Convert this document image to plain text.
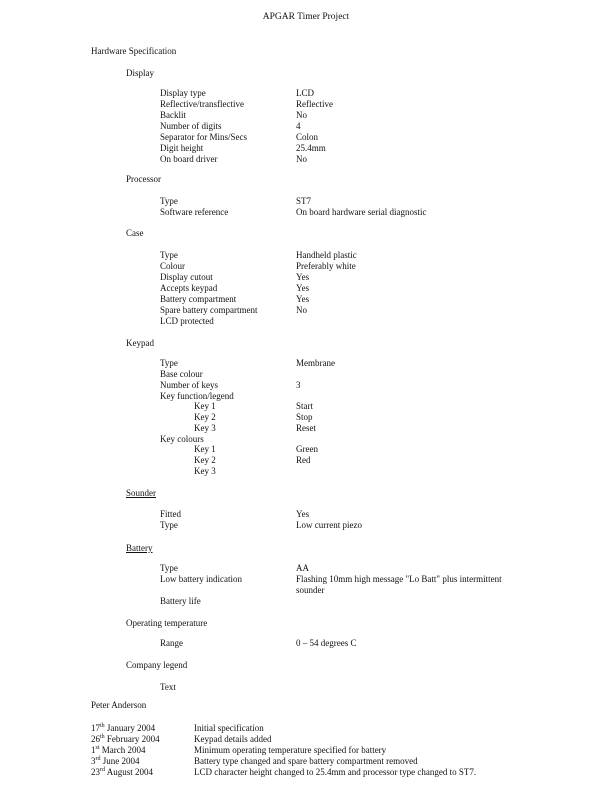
APGAR Timer Project
Hardware Specification
Display
Display type	LCD
Reflective/transflective	Reflective
Backlit	No
Number of digits	4
Separator for Mins/Secs	Colon
Digit height	25.4mm
On board driver	No
Processor
Type	ST7
Software reference	On board hardware serial diagnostic
Case
Type	Handheld plastic
Colour	Preferably white
Display cutout	Yes
Accepts keypad	Yes
Battery compartment	Yes
Spare battery compartment	No
LCD protected
Keypad
Type	Membrane
Base colour
Number of keys	3
Key function/legend
Key 1	Start
Key 2	Stop
Key 3	Reset
Key colours
Key 1	Green
Key 2	Red
Key 3
Sounder
Fitted	Yes
Type	Low current piezo
Battery
Type	AA
Low battery indication	Flashing 10mm high message "Lo Batt" plus intermittent
sounder
Battery life
Operating temperature
Range	0 – 54 degrees C
Company legend
Text
Peter Anderson
17th January 2004	Initial specification
26th February 2004	Keypad details added
1st March 2004	Minimum operating temperature specified for battery
3rd June 2004	Battery type changed and spare battery compartment removed
23rd August 2004	LCD character height changed to 25.4mm and processor type changed to ST7.
